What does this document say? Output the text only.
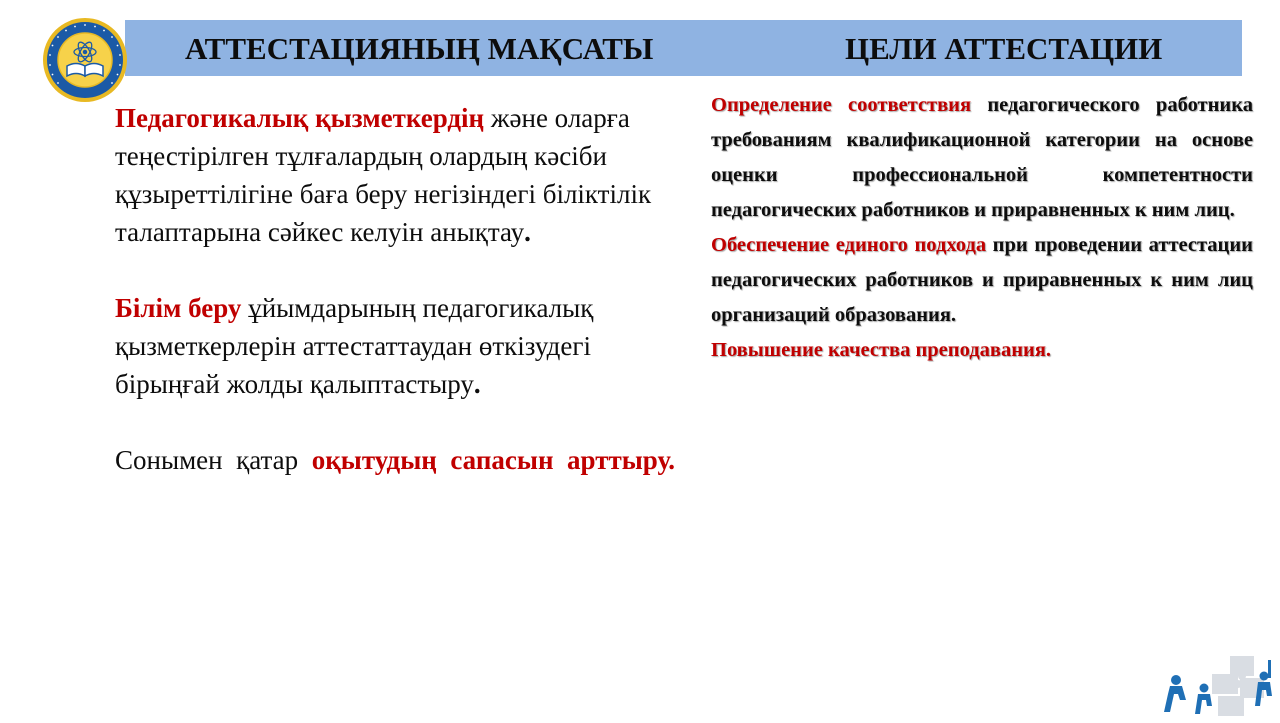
АТТЕСТАЦИЯНЫҢ МАҚСАТЫ	ЦЕЛИ АТТЕСТАЦИИ

Педагогикалық қызметкердің және оларға теңестірілген тұлғалардың олардың кәсіби құзыреттілігіне баға беру негізіндегі біліктілік талаптарына сәйкес келуін анықтау.

Білім беру ұйымдарының педагогикалық қызметкерлерін аттестаттаудан өткізудегі бірыңғай жолды қалыптастыру.

Сонымен қатар оқытудың сапасын арттыру.

Определение соответствия педагогического работника требованиям квалификационной категории на основе оценки профессиональной компетентности педагогических работников и приравненных к ним лиц.

Обеспечение единого подхода при проведении аттестации педагогических работников и приравненных к ним лиц организаций образования.

Повышение качества преподавания.
